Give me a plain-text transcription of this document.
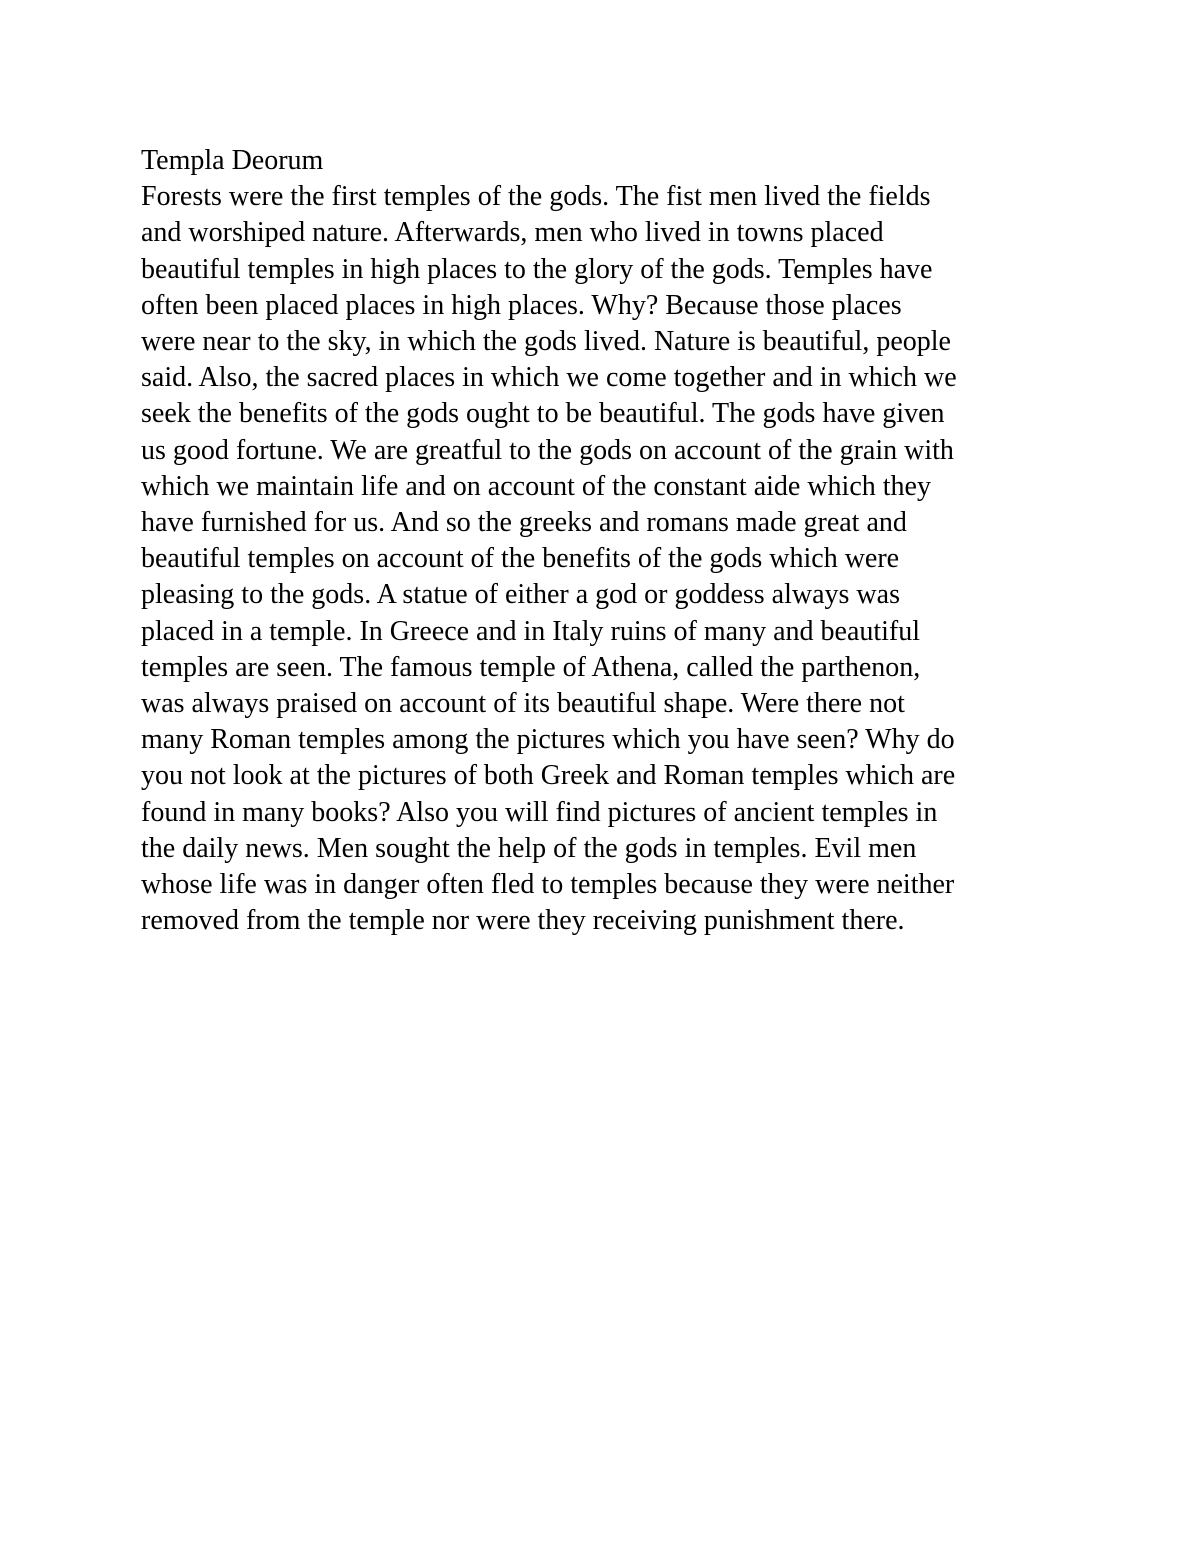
Templa Deorum
Forests were the first temples of the gods. The fist men lived the fields
and worshiped nature. Afterwards, men who lived in towns placed
beautiful temples in high places to the glory of the gods. Temples have
often been placed places in high places. Why? Because those places
were near to the sky, in which the gods lived. Nature is beautiful, people
said. Also, the sacred places in which we come together and in which we
seek the benefits of the gods ought to be beautiful. The gods have given
us good fortune. We are greatful to the gods on account of the grain with
which we maintain life and on account of the constant aide which they
have furnished for us. And so the greeks and romans made great and
beautiful temples on account of the benefits of the gods which were
pleasing to the gods. A statue of either a god or goddess always was
placed in a temple. In Greece and in Italy ruins of many and beautiful
temples are seen. The famous temple of Athena, called the parthenon,
was always praised on account of its beautiful shape. Were there not
many Roman temples among the pictures which you have seen? Why do
you not look at the pictures of both Greek and Roman temples which are
found in many books? Also you will find pictures of ancient temples in
the daily news. Men sought the help of the gods in temples. Evil men
whose life was in danger often fled to temples because they were neither
removed from the temple nor were they receiving punishment there.
